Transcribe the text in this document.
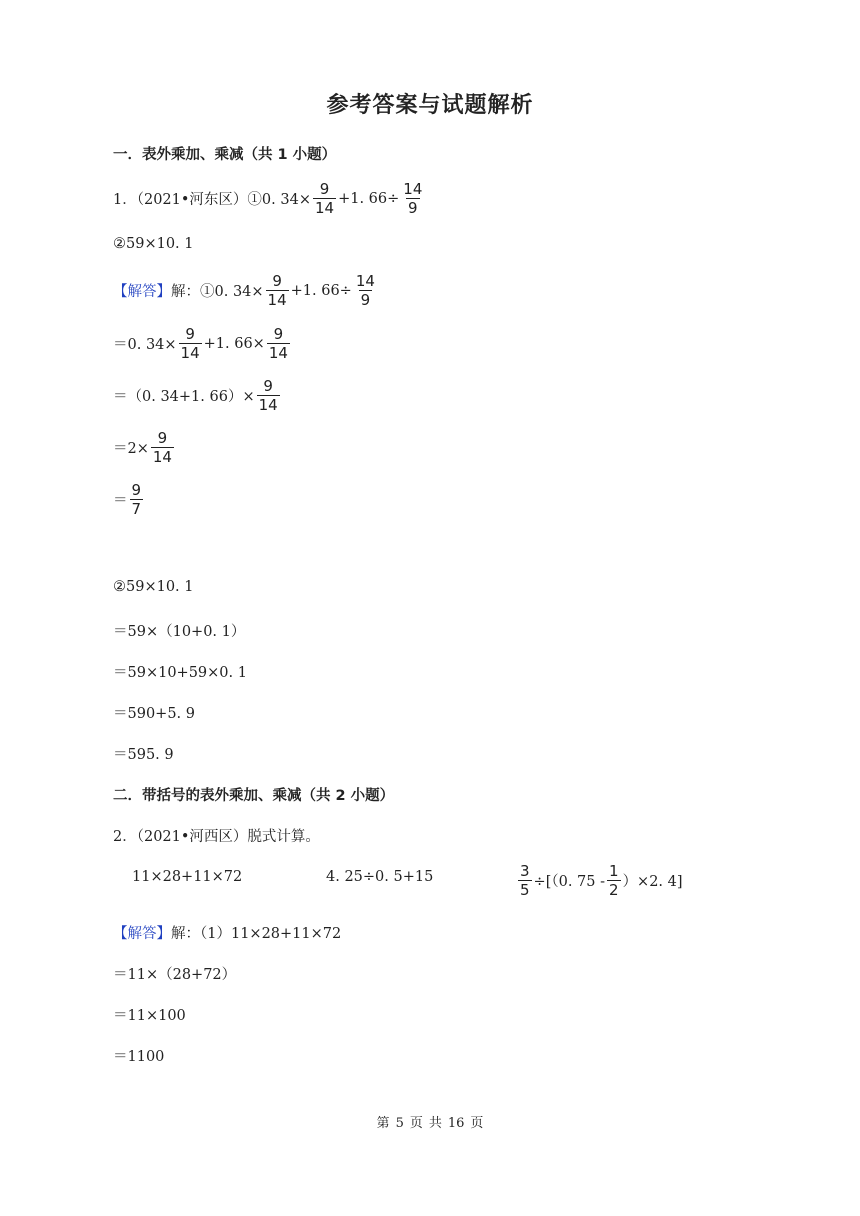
参考答案与试题解析
一．表外乘加、乘减（共 1 小题）
1．（2021•河东区）①0. $34\times \frac{9}{14} +1$. $66\div \frac{14}{9}$
②59×10. 1
【解答】 解：①0. $34\times \frac{9}{14} +1$. $66\div \frac{14}{9}$
＝0. $34\times \frac{9}{14} +1$. $66\times \frac{9}{14}$
＝（0. 34+1. $66)\times \frac{9}{14}$
$=2\times \frac{9}{14}$
＝ $\frac{9}{7}$
②59×10. 1
＝59×（10+0. 1）
＝59×10+59×0. 1
＝590+5. 9
＝595. 9
二．带括号的表外乘加、乘减（共 2 小题）
2．（2021•河西区）脱式计算。
11×28+11×72	4. 25÷0. 5+15	$\frac{3}{5} \div[(0$. $75 - \frac{1}{2} )\times 2$. 4]
【解答】 解：（1）11×28+11×72
＝11×（28+72）
＝11×100
＝1100
第 5 页 共 16 页
